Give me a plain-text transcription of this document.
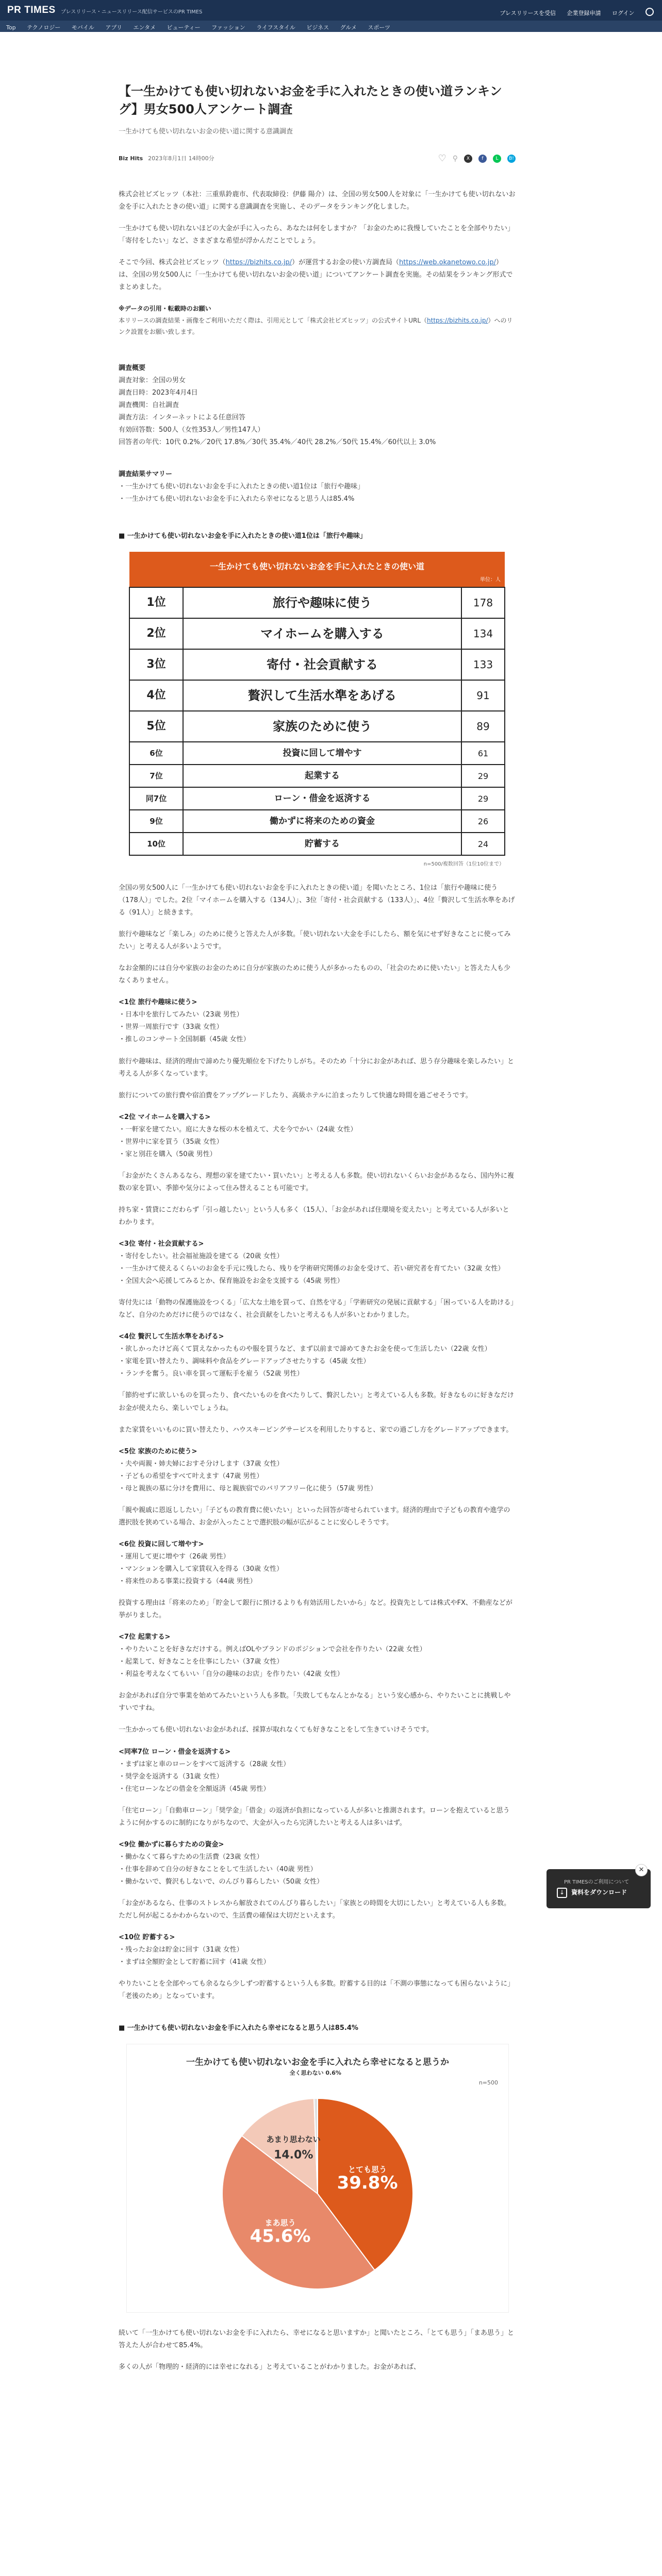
PR TIMES プレスリリース・ニュースリリース配信サービスのPR TIMES	プレスリリースを受信 企業登録申請 ログイン
Top テクノロジー モバイル アプリ エンタメ ビューティー ファッション ライフスタイル ビジネス グルメ スポーツ
【一生かけても使い切れないお金を手に入れたときの使い道ランキング】男女500人アンケート調査
一生かけても使い切れないお金の使い道に関する意識調査
Biz Hits 2023年8月1日 14時00分	♡ ⚲	X	f	L	B!

株式会社ビズヒッツ（本社：三重県鈴鹿市、代表取締役：伊藤 陽介）は、全国の男女500人を対象に「一生かけても使い切れないお金を手に入れたときの使い道」に関する意識調査を実施し、そのデータをランキング化しました。

一生かけても使い切れないほどの大金が手に入ったら、あなたは何をしますか？「お金のために我慢していたことを全部やりたい」「寄付をしたい」など、さまざまな希望が浮かんだことでしょう。

そこで今回、株式会社ビズヒッツ（https://bizhits.co.jp/）が運営するお金の使い方調査局（https://web.okanetowo.co.jp/）は、全国の男女500人に「一生かけても使い切れないお金の使い道」についてアンケート調査を実施。その結果をランキング形式でまとめました。

※データの引用・転載時のお願い
本リリースの調査結果・画像をご利用いただく際は、引用元として「株式会社ビズヒッツ」の公式サイトURL（https://bizhits.co.jp/）へのリンク設置をお願い致します。

調査概要
調査対象：全国の男女
調査日時：2023年4月4日
調査機関：自社調査
調査方法：インターネットによる任意回答
有効回答数：500人（女性353人／男性147人）
回答者の年代：10代 0.2%／20代 17.8%／30代 35.4%／40代 28.2%／50代 15.4%／60代以上 3.0%

調査結果サマリー
・一生かけても使い切れないお金を手に入れたときの使い道1位は「旅行や趣味」
・一生かけても使い切れないお金を手に入れたら幸せになると思う人は85.4%

■ 一生かけても使い切れないお金を手に入れたときの使い道1位は「旅行や趣味」

一生かけても使い切れないお金を手に入れたときの使い道		
単位：人		
1位	旅行や趣味に使う	178
2位	マイホームを購入する	134
3位	寄付・社会貢献する	133
4位	贅沢して生活水準をあげる	91
5位	家族のために使う	89
6位	投資に回して増やす	61
7位	起業する	29
同7位	ローン・借金を返済する	29
9位	働かずに将来のための資金	26
10位	貯蓄する	24
n=500/複数回答（1位10位まで）

全国の男女500人に「一生かけても使い切れないお金を手に入れたときの使い道」を聞いたところ、1位は「旅行や趣味に使う（178人）」でした。2位「マイホームを購入する（134人）」、3位「寄付・社会貢献する（133人）」、4位「贅沢して生活水準をあげる（91人）」と続きます。

旅行や趣味など「楽しみ」のために使うと答えた人が多数。「使い切れない大金を手にしたら、額を気にせず好きなことに使ってみたい」と考える人が多いようです。

なお金額的には自分や家族のお金のために自分が家族のために使う人が多かったものの、「社会のために使いたい」と答えた人も少なくありません。

<1位 旅行や趣味に使う>
・日本中を旅行してみたい（23歳 男性）
・世界一周旅行です（33歳 女性）
・推しのコンサート全国制覇（45歳 女性）

旅行や趣味は、経済的理由で諦めたり優先順位を下げたりしがち。そのため「十分にお金があれば、思う存分趣味を楽しみたい」と考える人が多くなっています。

旅行についての旅行費や宿泊費をアップグレードしたり、高級ホテルに泊まったりして快適な時間を過ごせそうです。

<2位 マイホームを購入する>
・一軒家を建てたい。庭に大きな桜の木を植えて、犬を今でかい（24歳 女性）
・世界中に家を買う（35歳 女性）
・家と別荘を購入（50歳 男性）

「お金がたくさんあるなら、理想の家を建てたい・買いたい」と考える人も多数。使い切れないくらいお金があるなら、国内外に複数の家を買い、季節や気分によって住み替えることも可能です。

持ち家・賃貸にこだわらず「引っ越したい」という人も多く（15人）、「お金があれば住環境を変えたい」と考えている人が多いとわかります。

<3位 寄付・社会貢献する>
・寄付をしたい。社会福祉施設を建てる（20歳 女性）
・一生かけて使えるくらいのお金を手元に残したら、残りを学術研究関係のお金を受けて、若い研究者を育てたい（32歳 女性）
・全国大会へ応援してみるとか、保育施設をお金を支援する（45歳 男性）

寄付先には「動物の保護施設をつくる」「広大な土地を買って、自然を守る」「学術研究の発展に貢献する」「困っている人を助ける」など、自分のためだけに使うのではなく、社会貢献をしたいと考えるも人が多いとわかりました。

<4位 贅沢して生活水準をあげる>
・欲しかったけど高くて買えなかったものや服を買うなど、まず以前まで諦めてきたお金を使って生活したい（22歳 女性）
・家電を買い替えたり、調味料や食品をグレードアップさせたりする（45歳 女性）
・ランチを奮う。良い車を買って運転手を雇う（52歳 男性）

「節約せずに欲しいものを買ったり、食べたいものを食べたりして、贅沢したい」と考えている人も多数。好きなものに好きなだけお金が使えたら、楽しいでしょうね。

また家賃をいいものに買い替えたり、ハウスキーピングサービスを利用したりすると、家での過ごし方をグレードアップできます。

<5位 家族のために使う>
・夫や両親・姉夫婦におすそ分けします（37歳 女性）
・子どもの希望をすべて叶えます（47歳 男性）
・母と親族の墓に分けを費用に、母と親族宿でのバリアフリー化に使う（57歳 男性）

「親や親戚に恩返ししたい」「子どもの教育費に使いたい」といった回答が寄せられています。経済的理由で子どもの教育や進学の選択肢を狭めている場合、お金が入ったことで選択肢の幅が広がることに安心しそうです。

<6位 投資に回して増やす>
・運用して更に増やす（26歳 男性）
・マンションを購入して家賃収入を得る（30歳 女性）
・将来性のある事業に投資する（44歳 男性）

投資する理由は「将来のため」「貯金して銀行に預けるよりも有効活用したいから」など。投資先としては株式やFX、不動産などが挙がりました。

<7位 起業する>
・やりたいことを好きなだけする。例えばOLやブランドのポジションで会社を作りたい（22歳 女性）
・起業して、好きなことを仕事にしたい（37歳 女性）
・利益を考えなくてもいい「自分の趣味のお店」を作りたい（42歳 女性）

お金があれば自分で事業を始めてみたいという人も多数。「失敗してもなんとかなる」という安心感から、やりたいことに挑戦しやすいですね。

一生かかっても使い切れないお金があれば、採算が取れなくても好きなことをして生きていけそうです。

<同率7位 ローン・借金を返済する>
・まずは家と車のローンをすべて返済する（28歳 女性）
・奨学金を返済する（31歳 女性）
・住宅ローンなどの借金を全額返済（45歳 男性）

「住宅ローン」「自動車ローン」「奨学金」「借金」の返済が負担になっている人が多いと推測されます。ローンを抱えていると思うように何かするのに制約になりがちなので、大金が入ったら完済したいと考える人は多いはず。

<9位 働かずに暮らすための資金>
・働かなくて暮らすための生活費（23歳 女性）
・仕事を辞めて自分の好きなことをして生活したい（40歳 男性）
・働かないで、贅沢もしないで、のんびり暮らしたい（50歳 女性）

「お金があるなら、仕事のストレスから解放されてのんびり暮らしたい」「家族との時間を大切にしたい」と考えている人も多数。ただし何が起こるかわからないので、生活費の確保は大切だといえます。

<10位 貯蓄する>
・残ったお金は貯金に回す（31歳 女性）
・まずは全額貯金として貯蓄に回す（41歳 女性）

やりたいことを全部やっても余るなら少しずつ貯蓄するという人も多数。貯蓄する目的は「不測の事態になっても困らないように」「老後のため」となっています。

■ 一生かけても使い切れないお金を手に入れたら幸せになると思う人は85.4%

一生かけても使い切れないお金を手に入れたら幸せになると思うか
n=500
とても思う
39.8%
まあ思う
45.6%
あまり思わない
14.0%
全く思わない 0.6%

続いて「一生かけても使い切れないお金を手に入れたら、幸せになると思いますか」と聞いたところ、「とても思う」「まあ思う」と答えた人が合わせて85.4%。

多くの人が「物理的・経済的には幸せになれる」と考えていることがわかりました。お金があれば、

PR TIMESのご利用について
↓	資料をダウンロード
✕
